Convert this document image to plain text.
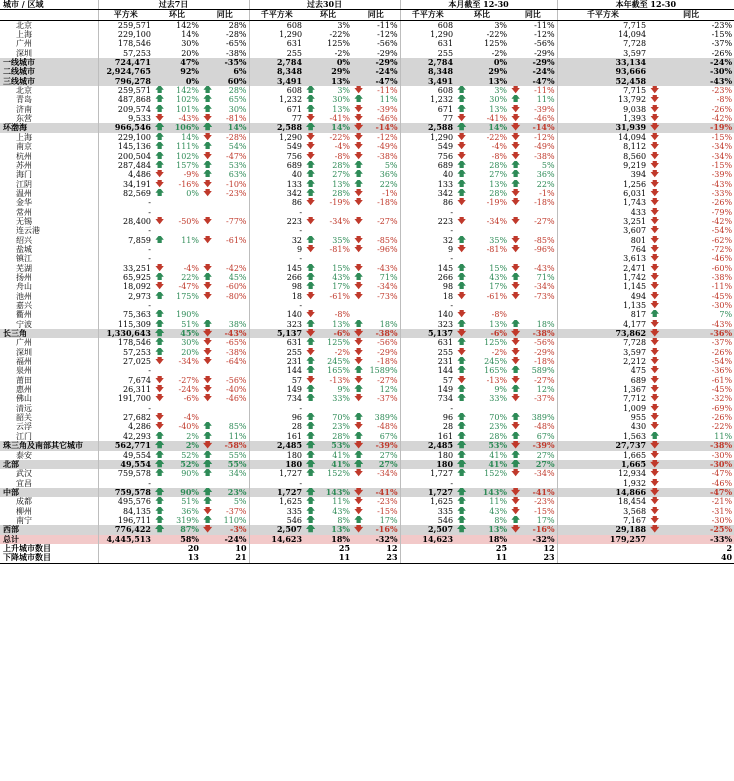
城市 / 区域	过去7日			过去30日			本月截至 12-30			本年截至 12-30	
	平方米	环比	同比	千平方米	环比	同比	千平方米	环比	同比	千平方米	同比
北京	259,571	142%	28%	608	3%	-11%	608	3%	-11%	7,715	-23%
上海	229,100	14%	-28%	1,290	-22%	-12%	1,290	-22%	-12%	14,094	-15%
广州	178,546	30%	-65%	631	125%	-56%	631	125%	-56%	7,728	-37%
深圳	57,253	20%	-38%	255	-2%	-29%	255	-2%	-29%	3,597	-26%
一线城市	724,471	47%	-35%	2,784	0%	-29%	2,784	0%	-29%	33,134	-24%
二线城市	2,924,765	92%	6%	8,348	29%	-24%	8,348	29%	-24%	93,666	-30%
三线城市	796,278	0%	60%	3,491	13%	-47%	3,491	13%	-47%	52,458	-43%
北京	259,571	🡅 142%	🡅 28%	608	🡅 3%	🡇 -11%	608	🡅 3%	🡇 -11%	7,715	🡇 -23%
青岛	487,868	🡅 102%	🡅 65%	1,232	🡅 30%	🡅 11%	1,232	🡅 30%	🡅 11%	13,792	🡇 -8%
济南	209,574	🡅 101%	🡅 30%	671	🡅 13%	🡇 -39%	671	🡅 13%	🡇 -39%	9,038	🡇 -26%
东营	9,533	🡇 -43%	🡇 -81%	77	🡇 -41%	🡇 -46%	77	🡇 -41%	🡇 -46%	1,393	🡇 -42%
环渤海	966,546	🡅 106%	🡅 14%	2,588	🡅 14%	🡇 -14%	2,588	🡅 14%	🡇 -14%	31,939	🡇 -19%
上海	229,100	🡅 14%	🡇 -28%	1,290	🡇 -22%	🡇 -12%	1,290	🡇 -22%	🡇 -12%	14,094	🡇 -15%
南京	145,136	🡅 111%	🡅 54%	549	🡇 -4%	🡇 -49%	549	🡇 -4%	🡇 -49%	8,112	🡇 -34%
杭州	200,504	🡅 102%	🡇 -47%	756	🡇 -8%	🡇 -38%	756	🡇 -8%	🡇 -38%	8,560	🡇 -34%
苏州	287,484	🡅 157%	🡅 53%	689	🡅 28%	🡅 5%	689	🡅 28%	🡅 5%	9,219	🡇 -15%
海门	4,486	🡇 -9%	🡅 63%	40	🡅 27%	🡅 36%	40	🡅 27%	🡅 36%	394	🡇 -39%
江阴	34,191	🡇 -16%	🡇 -10%	133	🡅 13%	🡅 22%	133	🡅 13%	🡅 22%	1,256	🡇 -43%
温州	82,569	🡅 0%	🡇 -23%	342	🡅 28%	🡇 -1%	342	🡅 28%	🡇 -1%	6,031	🡇 -33%
金华	-			86	🡇 -19%	🡇 -18%	86	🡇 -19%	🡇 -18%	1,743	🡇 -26%
常州	-			-			-			433	🡇 -79%
无锡	28,400	🡇 -50%	🡇 -77%	223	🡇 -34%	🡇 -27%	223	🡇 -34%	🡇 -27%	3,251	🡇 -42%
连云港	-			-			-			3,607	🡇 -54%
绍兴	7,859	🡅 11%	🡇 -61%	32	🡅 35%	🡇 -85%	32	🡅 35%	🡇 -85%	801	🡇 -62%
盐城	-			9	🡇 -81%	🡇 -96%	9	🡇 -81%	🡇 -96%	764	🡇 -72%
镇江	-			-			-			3,613	🡇 -46%
芜湖	33,251	🡇 -4%	🡇 -42%	145	🡅 15%	🡇 -43%	145	🡅 15%	🡇 -43%	2,471	🡇 -60%
扬州	65,925	🡅 22%	🡅 45%	266	🡅 43%	🡅 71%	266	🡅 43%	🡅 71%	1,742	🡇 -38%
舟山	18,092	🡇 -47%	🡇 -60%	98	🡅 17%	🡇 -34%	98	🡅 17%	🡇 -34%	1,145	🡇 -11%
池州	2,973	🡅 175%	🡇 -80%	18	🡇 -61%	🡇 -73%	18	🡇 -61%	🡇 -73%	494	🡇 -45%
嘉兴	-			-			-			1,135	🡇 -30%
衢州	75,363	🡅 190%		140	🡇 -8%		140	🡇 -8%		817	🡅 7%
宁波	115,309	🡅 51%	🡅 38%	323	🡅 13%	🡅 18%	323	🡅 13%	🡅 18%	4,177	🡇 -43%
长三角	1,330,643	🡅 45%	🡇 -43%	5,137	🡇 -6%	🡇 -38%	5,137	🡇 -6%	🡇 -38%	73,862	🡇 -36%
广州	178,546	🡅 30%	🡇 -65%	631	🡅 125%	🡇 -56%	631	🡅 125%	🡇 -56%	7,728	🡇 -37%
深圳	57,253	🡅 20%	🡇 -38%	255	🡇 -2%	🡇 -29%	255	🡇 -2%	🡇 -29%	3,597	🡇 -26%
福州	27,025	🡇 -34%	🡇 -64%	231	🡅 245%	🡇 -18%	231	🡅 245%	🡇 -18%	2,212	🡇 -54%
泉州	-			144	🡅 165%	🡅 1589%	144	🡅 165%	🡅 589%	475	🡇 -36%
莆田	7,674	🡇 -27%	🡇 -56%	57	🡇 -13%	🡇 -27%	57	🡇 -13%	🡇 -27%	689	🡇 -61%
惠州	26,311	🡇 -24%	🡇 -40%	149	🡅 9%	🡅 12%	149	🡅 9%	🡅 12%	1,367	🡇 -45%
佛山	191,700	🡇 -6%	🡇 -46%	734	🡅 33%	🡇 -37%	734	🡅 33%	🡇 -37%	7,712	🡇 -32%
清远	-			-			-			1,009	🡇 -69%
韶关	27,682	🡇 -4%		96	🡅 70%	🡅 389%	96	🡅 70%	🡅 389%	955	🡇 -26%
云浮	4,286	🡇 -40%	🡅 85%	28	🡅 23%	🡇 -48%	28	🡅 23%	🡇 -48%	430	🡇 -22%
江门	42,293	🡅 2%	🡅 11%	161	🡅 28%	🡅 67%	161	🡅 28%	🡅 67%	1,563	🡅 11%
珠三角及南部其它城市	562,771	🡅 2%	🡇 -58%	2,485	🡅 53%	🡇 -39%	2,485	🡅 53%	🡇 -39%	27,737	🡇 -38%
泰安	49,554	🡅 52%	🡅 55%	180	🡅 41%	🡅 27%	180	🡅 41%	🡅 27%	1,665	🡇 -30%
北部	49,554	🡅 52%	🡅 55%	180	🡅 41%	🡅 27%	180	🡅 41%	🡅 27%	1,665	🡇 -30%
武汉	759,578	🡅 90%	🡅 34%	1,727	🡅 152%	🡇 -34%	1,727	🡅 152%	🡇 -34%	12,934	🡇 -47%
宜昌	-			-			-			1,932	🡇 -46%
中部	759,578	🡅 90%	🡅 23%	1,727	🡅 143%	🡇 -41%	1,727	🡅 143%	🡇 -41%	14,866	🡇 -47%
成都	495,576	🡅 51%	🡅 5%	1,625	🡅 11%	🡇 -23%	1,625	🡅 11%	🡇 -23%	18,454	🡇 -21%
柳州	84,135	🡅 36%	🡇 -37%	335	🡅 43%	🡇 -15%	335	🡅 43%	🡇 -15%	3,568	🡇 -31%
南宁	196,711	🡅 319%	🡅 110%	546	🡅 8%	🡅 17%	546	🡅 8%	🡅 17%	7,167	🡇 -30%
西部	776,422	🡅 87%	🡇 -3%	2,507	🡅 13%	🡇 -16%	2,507	🡅 13%	🡇 -16%	29,188	🡇 -25%
总计	4,445,513	58%	-24%	14,623	18%	-32%	14,623	18%	-32%	179,257	-33%
上升城市数目		20	10		25	12		25	12		2
下降城市数目		13	21		11	23		11	23		40
